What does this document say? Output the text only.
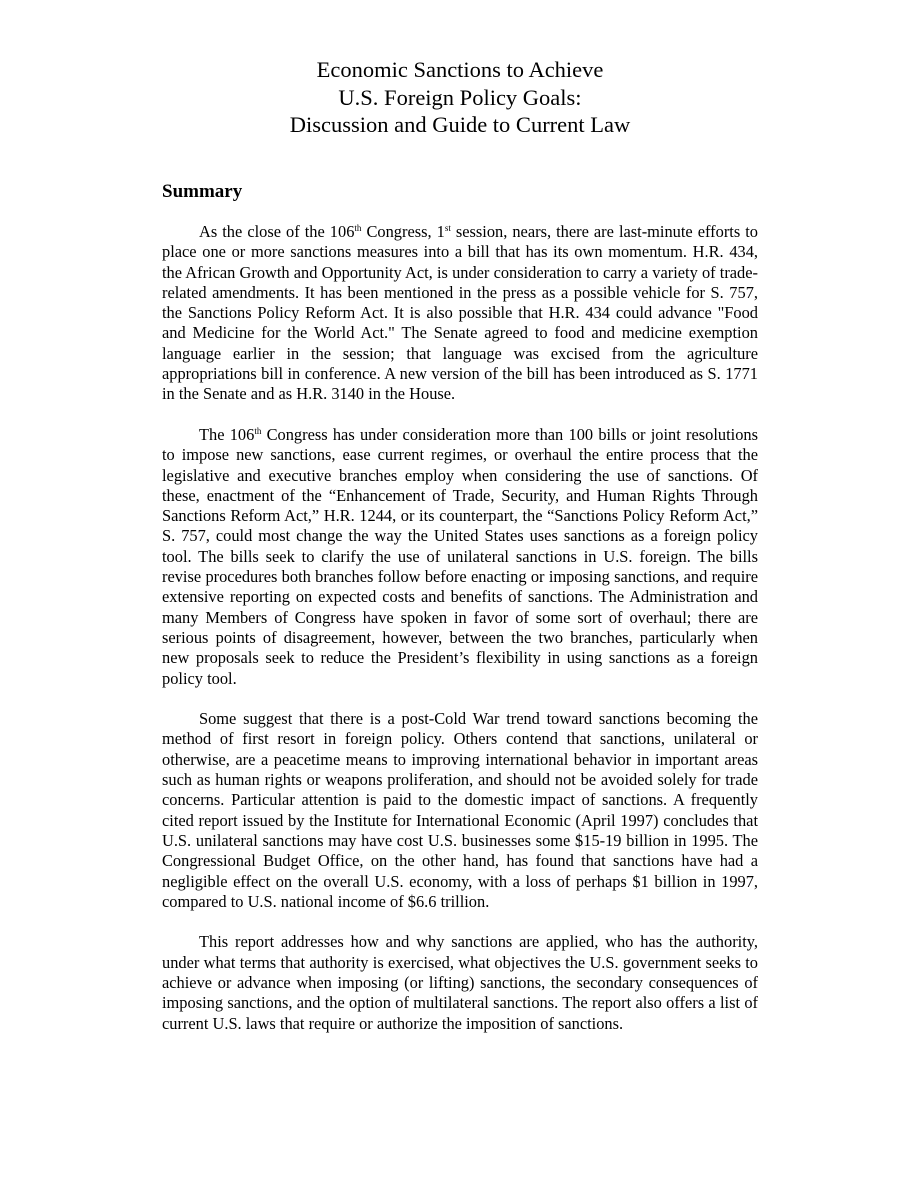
Economic Sanctions to Achieve
U.S. Foreign Policy Goals:
Discussion and Guide to Current Law
Summary

As the close of the 106th Congress, 1st session, nears, there are last-minute efforts to place one or more sanctions measures into a bill that has its own momentum. H.R. 434, the African Growth and Opportunity Act, is under consideration to carry a variety of trade-related amendments. It has been mentioned in the press as a possible vehicle for S. 757, the Sanctions Policy Reform Act. It is also possible that H.R. 434 could advance "Food and Medicine for the World Act." The Senate agreed to food and medicine exemption language earlier in the session; that language was excised from the agriculture appropriations bill in conference. A new version of the bill has been introduced as S. 1771 in the Senate and as H.R. 3140 in the House.

The 106th Congress has under consideration more than 100 bills or joint resolutions to impose new sanctions, ease current regimes, or overhaul the entire process that the legislative and executive branches employ when considering the use of sanctions. Of these, enactment of the “Enhancement of Trade, Security, and Human Rights Through Sanctions Reform Act,” H.R. 1244, or its counterpart, the “Sanctions Policy Reform Act,” S. 757, could most change the way the United States uses sanctions as a foreign policy tool. The bills seek to clarify the use of unilateral sanctions in U.S. foreign. The bills revise procedures both branches follow before enacting or imposing sanctions, and require extensive reporting on expected costs and benefits of sanctions. The Administration and many Members of Congress have spoken in favor of some sort of overhaul; there are serious points of disagreement, however, between the two branches, particularly when new proposals seek to reduce the President’s flexibility in using sanctions as a foreign policy tool.

Some suggest that there is a post-Cold War trend toward sanctions becoming the method of first resort in foreign policy. Others contend that sanctions, unilateral or otherwise, are a peacetime means to improving international behavior in important areas such as human rights or weapons proliferation, and should not be avoided solely for trade concerns. Particular attention is paid to the domestic impact of sanctions. A frequently cited report issued by the Institute for International Economic (April 1997) concludes that U.S. unilateral sanctions may have cost U.S. businesses some $15-19 billion in 1995. The Congressional Budget Office, on the other hand, has found that sanctions have had a negligible effect on the overall U.S. economy, with a loss of perhaps $1 billion in 1997, compared to U.S. national income of $6.6 trillion.

This report addresses how and why sanctions are applied, who has the authority, under what terms that authority is exercised, what objectives the U.S. government seeks to achieve or advance when imposing (or lifting) sanctions, the secondary consequences of imposing sanctions, and the option of multilateral sanctions. The report also offers a list of current U.S. laws that require or authorize the imposition of sanctions.
